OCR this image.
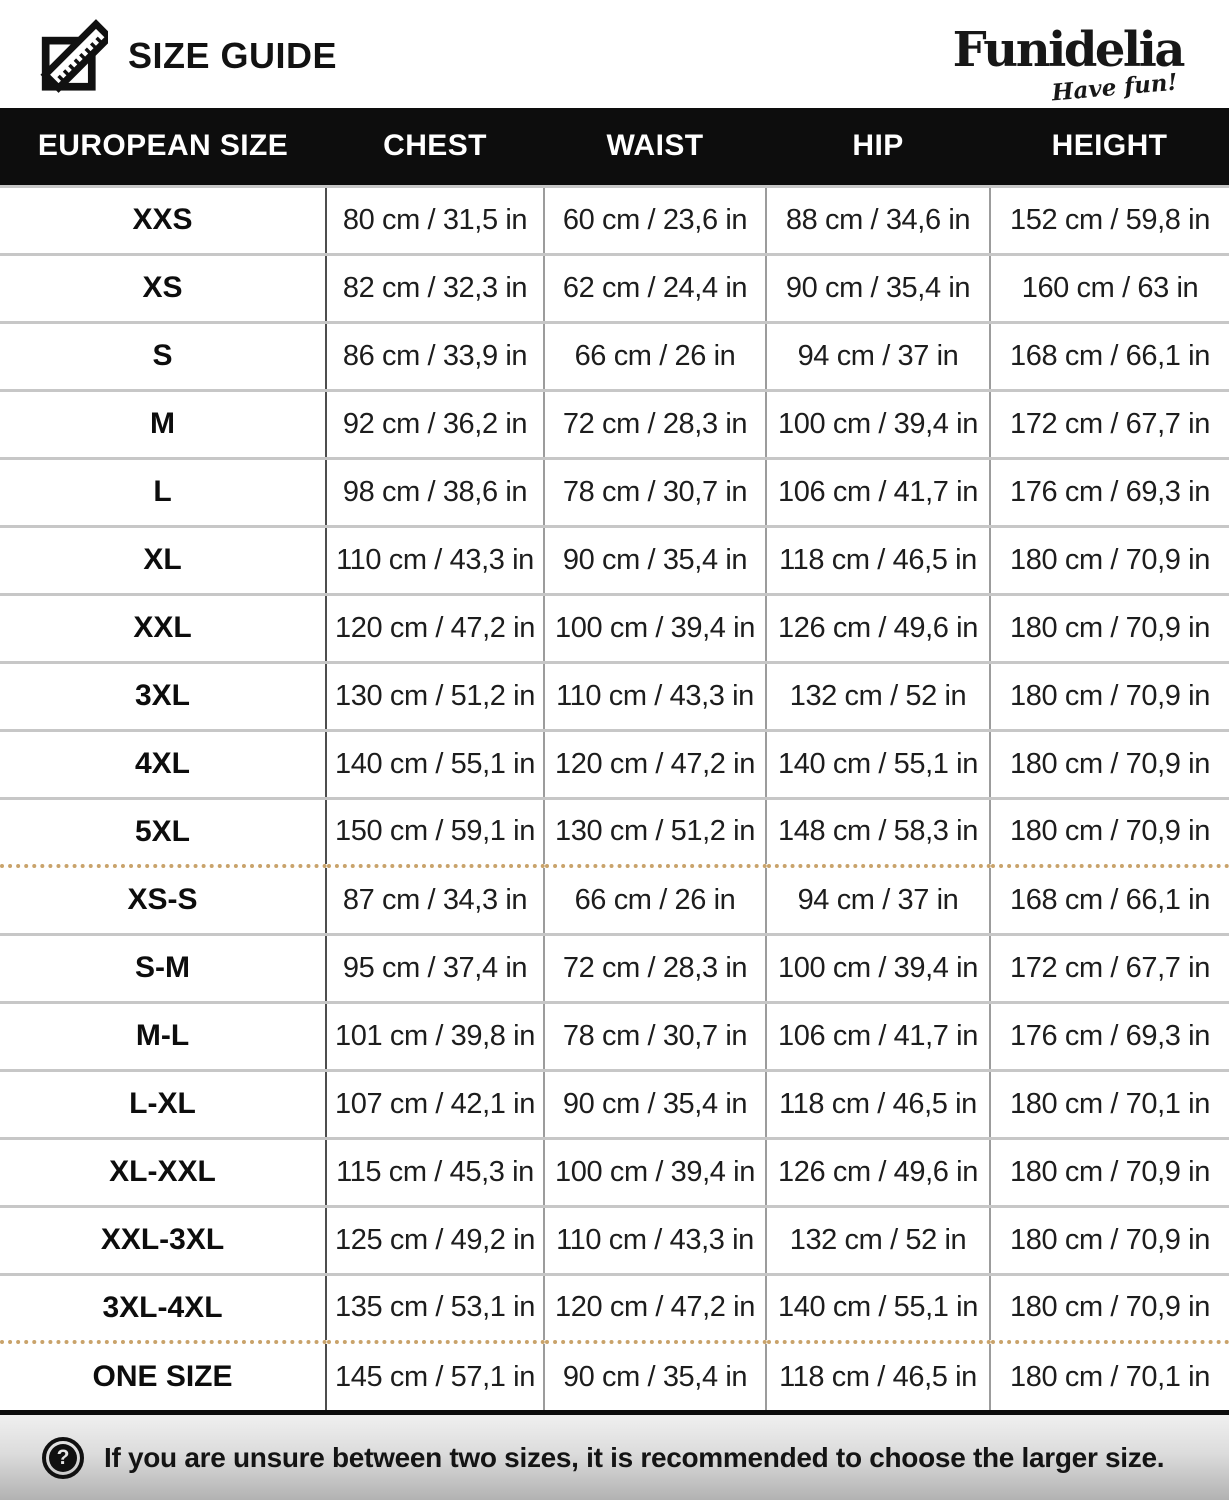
SIZE GUIDE	Funidelia
Have fun!
EUROPEAN SIZE	CHEST	WAIST	HIP	HEIGHT
XXS	80 cm / 31,5 in	60 cm / 23,6 in	88 cm / 34,6 in	152 cm / 59,8 in
XS	82 cm / 32,3 in	62 cm / 24,4 in	90 cm / 35,4 in	160 cm / 63 in
S	86 cm / 33,9 in	66 cm / 26 in	94 cm / 37 in	168 cm / 66,1 in
M	92 cm / 36,2 in	72 cm / 28,3 in	100 cm / 39,4 in	172 cm / 67,7 in
L	98 cm / 38,6 in	78 cm / 30,7 in	106 cm / 41,7 in	176 cm / 69,3 in
XL	110 cm / 43,3 in	90 cm / 35,4 in	118 cm / 46,5 in	180 cm / 70,9 in
XXL	120 cm / 47,2 in	100 cm / 39,4 in	126 cm / 49,6 in	180 cm / 70,9 in
3XL	130 cm / 51,2 in	110 cm / 43,3 in	132 cm / 52 in	180 cm / 70,9 in
4XL	140 cm / 55,1 in	120 cm / 47,2 in	140 cm / 55,1 in	180 cm / 70,9 in
5XL	150 cm / 59,1 in	130 cm / 51,2 in	148 cm / 58,3 in	180 cm / 70,9 in
XS-S	87 cm / 34,3 in	66 cm / 26 in	94 cm / 37 in	168 cm / 66,1 in
S-M	95 cm / 37,4 in	72 cm / 28,3 in	100 cm / 39,4 in	172 cm / 67,7 in
M-L	101 cm / 39,8 in	78 cm / 30,7 in	106 cm / 41,7 in	176 cm / 69,3 in
L-XL	107 cm / 42,1 in	90 cm / 35,4 in	118 cm / 46,5 in	180 cm / 70,1 in
XL-XXL	115 cm / 45,3 in	100 cm / 39,4 in	126 cm / 49,6 in	180 cm / 70,9 in
XXL-3XL	125 cm / 49,2 in	110 cm / 43,3 in	132 cm / 52 in	180 cm / 70,9 in
3XL-4XL	135 cm / 53,1 in	120 cm / 47,2 in	140 cm / 55,1 in	180 cm / 70,9 in
ONE SIZE	145 cm / 57,1 in	90 cm / 35,4 in	118 cm / 46,5 in	180 cm / 70,1 in
? If you are unsure between two sizes, it is recommended to choose the larger size.
